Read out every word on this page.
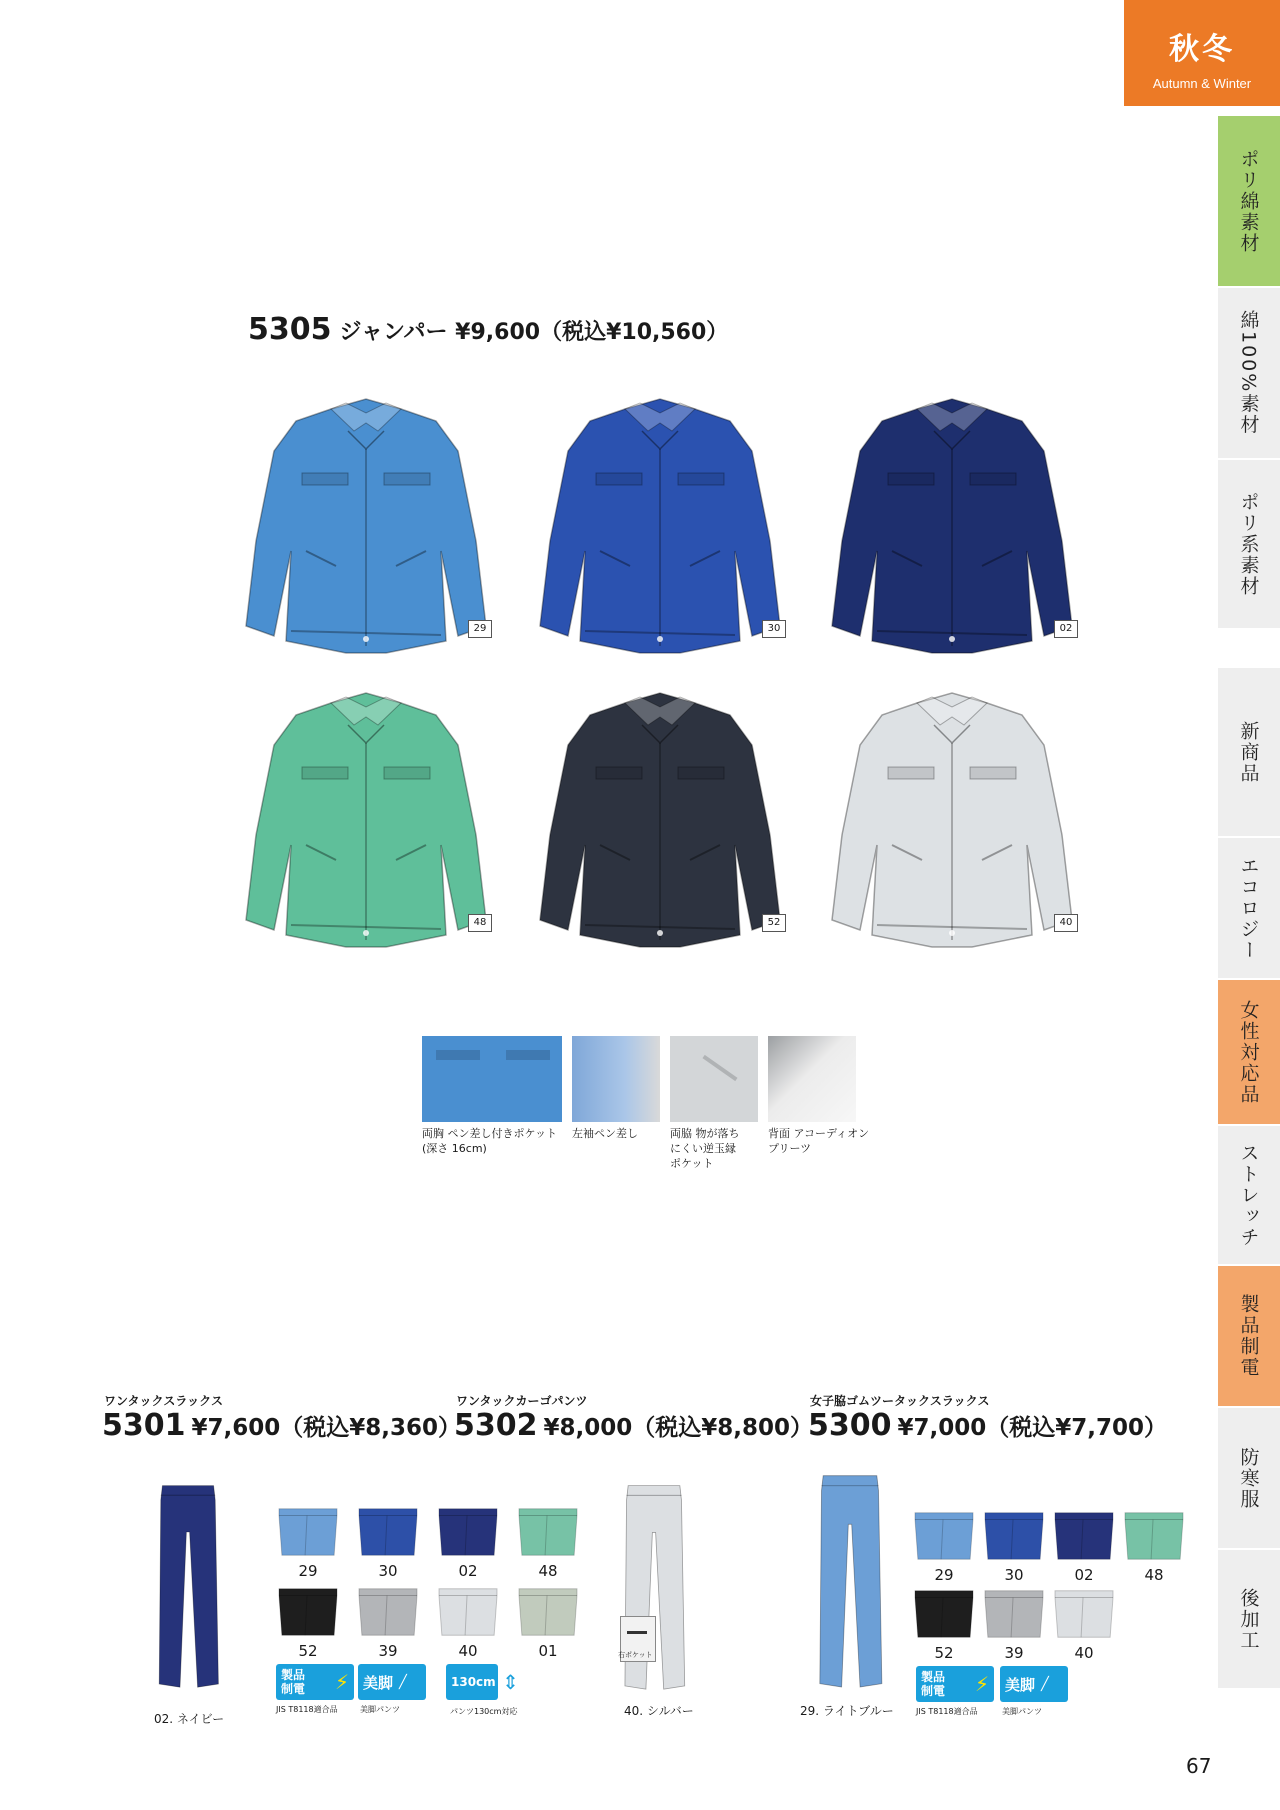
秋冬
Autumn & Winter
ポリ綿素材
綿100%素材
ポリ系素材
新商品
エコロジー
女性対応品
ストレッチ
製品制電
防寒服
後加工
5305 ジャンパー ¥9,600（税込¥10,560）
29	30	02
48	52	40
両胸 ペン差し付きポケット
(深さ 16cm)
左袖ペン差し	両脇 物が落ち
にくい逆玉縁
ポケット
背面 アコーディオン
プリーツ
ワンタックスラックス
5301 ¥7,600（税込¥8,360）
ワンタックカーゴパンツ
5302 ¥8,000（税込¥8,800）
女子脇ゴムツータックスラックス
5300 ¥7,000（税込¥7,700）
02. ネイビー
右ポケット
40. シルバー	29. ライトブルー
29	30	02	48
52	39	40	01
29	30	02	48
52	39	40
製品
制電 ⚡
JIS T8118適合品
美脚 ╱
美脚パンツ
130cm ⇕
パンツ130cm対応
製品
制電 ⚡
JIS T8118適合品
美脚 ╱
美脚パンツ
67
